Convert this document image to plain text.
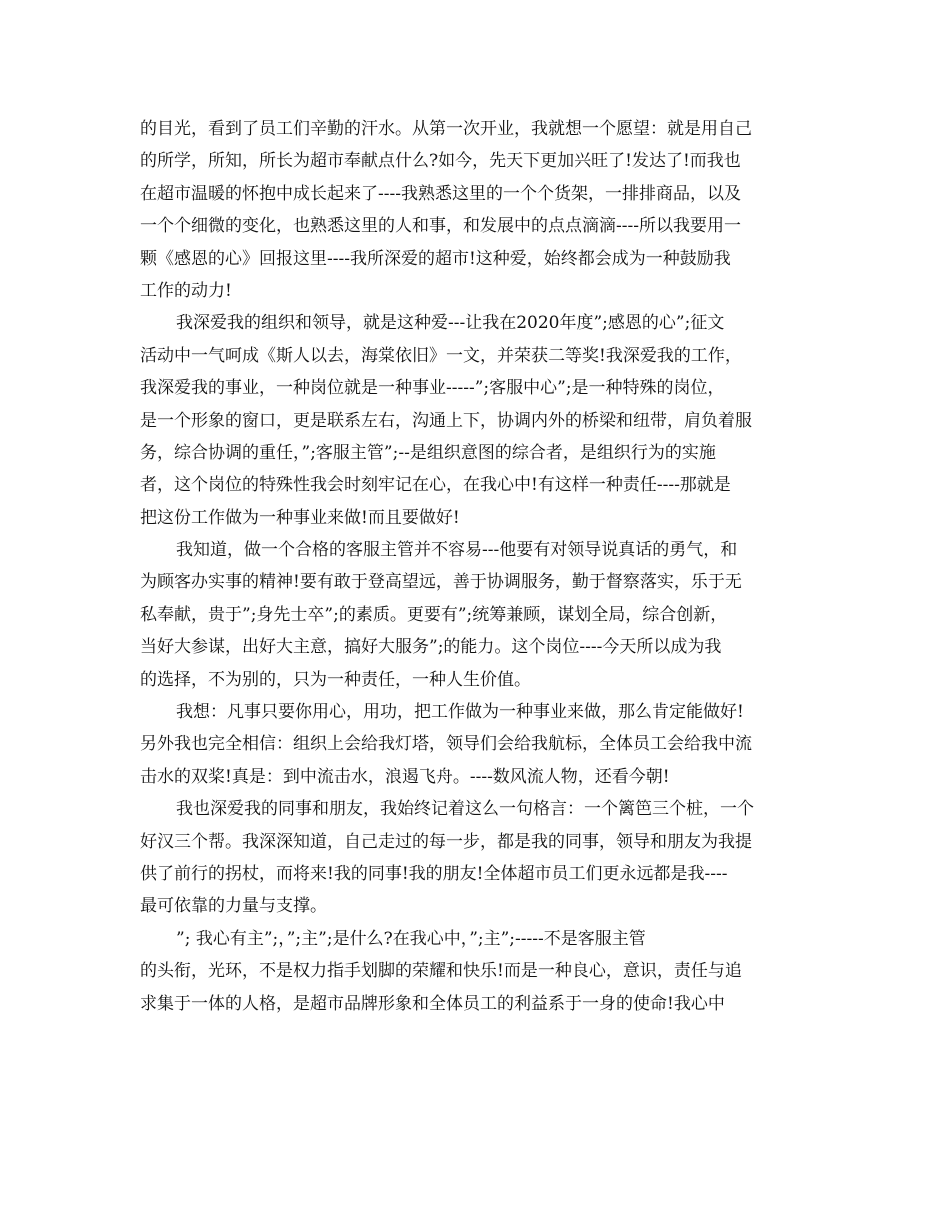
的目光，看到了员工们辛勤的汗水。从第一次开业，我就想一个愿望：就是用自己
的所学，所知，所长为超市奉献点什么?如今，先天下更加兴旺了!发达了!而我也
在超市温暖的怀抱中成长起来了----我熟悉这里的一个个货架，一排排商品，以及
一个个细微的变化，也熟悉这里的人和事，和发展中的点点滴滴----所以我要用一
颗《感恩的心》回报这里----我所深爱的超市!这种爱，始终都会成为一种鼓励我
工作的动力!
我深爱我的组织和领导，就是这种爱---让我在2020年度”;感恩的心”;征文
活动中一气呵成《斯人以去，海棠依旧》一文，并荣获二等奖!我深爱我的工作，
我深爱我的事业，一种岗位就是一种事业-----”;客服中心”;是一种特殊的岗位，
是一个形象的窗口，更是联系左右，沟通上下，协调内外的桥梁和纽带，肩负着服
务，综合协调的重任，”;客服主管”;--是组织意图的综合者，是组织行为的实施
者，这个岗位的特殊性我会时刻牢记在心，在我心中!有这样一种责任----那就是
把这份工作做为一种事业来做!而且要做好!
我知道，做一个合格的客服主管并不容易---他要有对领导说真话的勇气，和
为顾客办实事的精神!要有敢于登高望远，善于协调服务，勤于督察落实，乐于无
私奉献，贵于”;身先士卒”;的素质。更要有”;统筹兼顾，谋划全局，综合创新，
当好大参谋，出好大主意，搞好大服务”;的能力。这个岗位----今天所以成为我
的选择，不为别的，只为一种责任，一种人生价值。
我想：凡事只要你用心，用功，把工作做为一种事业来做，那么肯定能做好!
另外我也完全相信：组织上会给我灯塔，领导们会给我航标，全体员工会给我中流
击水的双桨!真是：到中流击水，浪遏飞舟。----数风流人物，还看今朝!
我也深爱我的同事和朋友，我始终记着这么一句格言：一个篱笆三个桩，一个
好汉三个帮。我深深知道，自己走过的每一步，都是我的同事，领导和朋友为我提
供了前行的拐杖，而将来!我的同事!我的朋友!全体超市员工们更永远都是我----
最可依靠的力量与支撑。
”; 我心有主”;，”;主”;是什么?在我心中，”;主”;-----不是客服主管
的头衔，光环，不是权力指手划脚的荣耀和快乐!而是一种良心，意识，责任与追
求集于一体的人格，是超市品牌形象和全体员工的利益系于一身的使命!我心中
